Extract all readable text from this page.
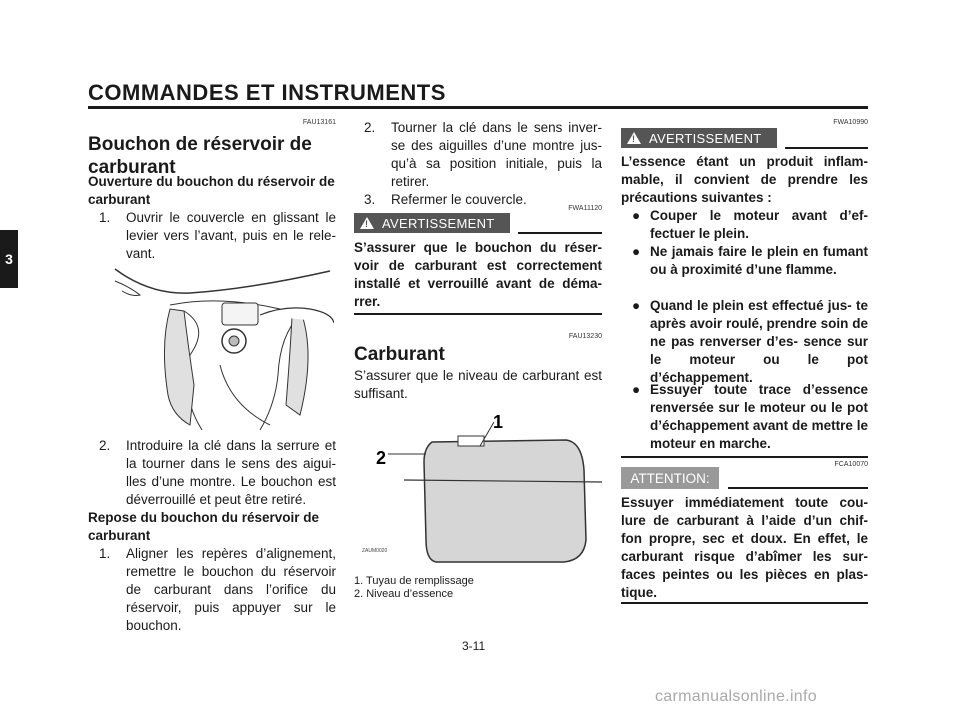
COMMANDES ET INSTRUMENTS
3
FAU13161
Bouchon de réservoir de carburant
Ouverture du bouchon du réservoir de carburant
1. Ouvrir le couvercle en glissant le levier vers l’avant, puis en le rele- vant.
2. Introduire la clé dans la serrure et la tourner dans le sens des aigui- lles d’une montre. Le bouchon est déverrouillé et peut être retiré.
Repose du bouchon du réservoir de carburant
1. Aligner les repères d’alignement, remettre le bouchon du réservoir de carburant dans l’orifice du réservoir, puis appuyer sur le bouchon.
2. Tourner la clé dans le sens inver- se des aiguilles d’une montre jus- qu’à sa position initiale, puis la retirer.
3. Refermer le couvercle.
FWA11120
! AVERTISSEMENT
S’assurer que le bouchon du réser- voir de carburant est correctement installé et verrouillé avant de déma- rrer.
FAU13230
Carburant
S’assurer que le niveau de carburant est suffisant.
1
2
ZAUM0020
1. Tuyau de remplissage
2. Niveau d’essence
FWA10990
! AVERTISSEMENT
L’essence étant un produit inflam- mable, il convient de prendre les précautions suivantes :
● Couper le moteur avant d’ef- fectuer le plein.
● Ne jamais faire le plein en fumant ou à proximité d’une flamme.
● Quand le plein est effectué jus- te après avoir roulé, prendre soin de ne pas renverser d’es- sence sur le moteur ou le pot d’échappement.
● Essuyer toute trace d’essence renversée sur le moteur ou le pot d’échappement avant de mettre le moteur en marche.
FCA10070
ATTENTION:
Essuyer immédiatement toute cou- lure de carburant à l’aide d’un chif- fon propre, sec et doux. En effet, le carburant risque d’abîmer les sur- faces peintes ou les pièces en plas- tique.
3-11
carmanualsonline.info
